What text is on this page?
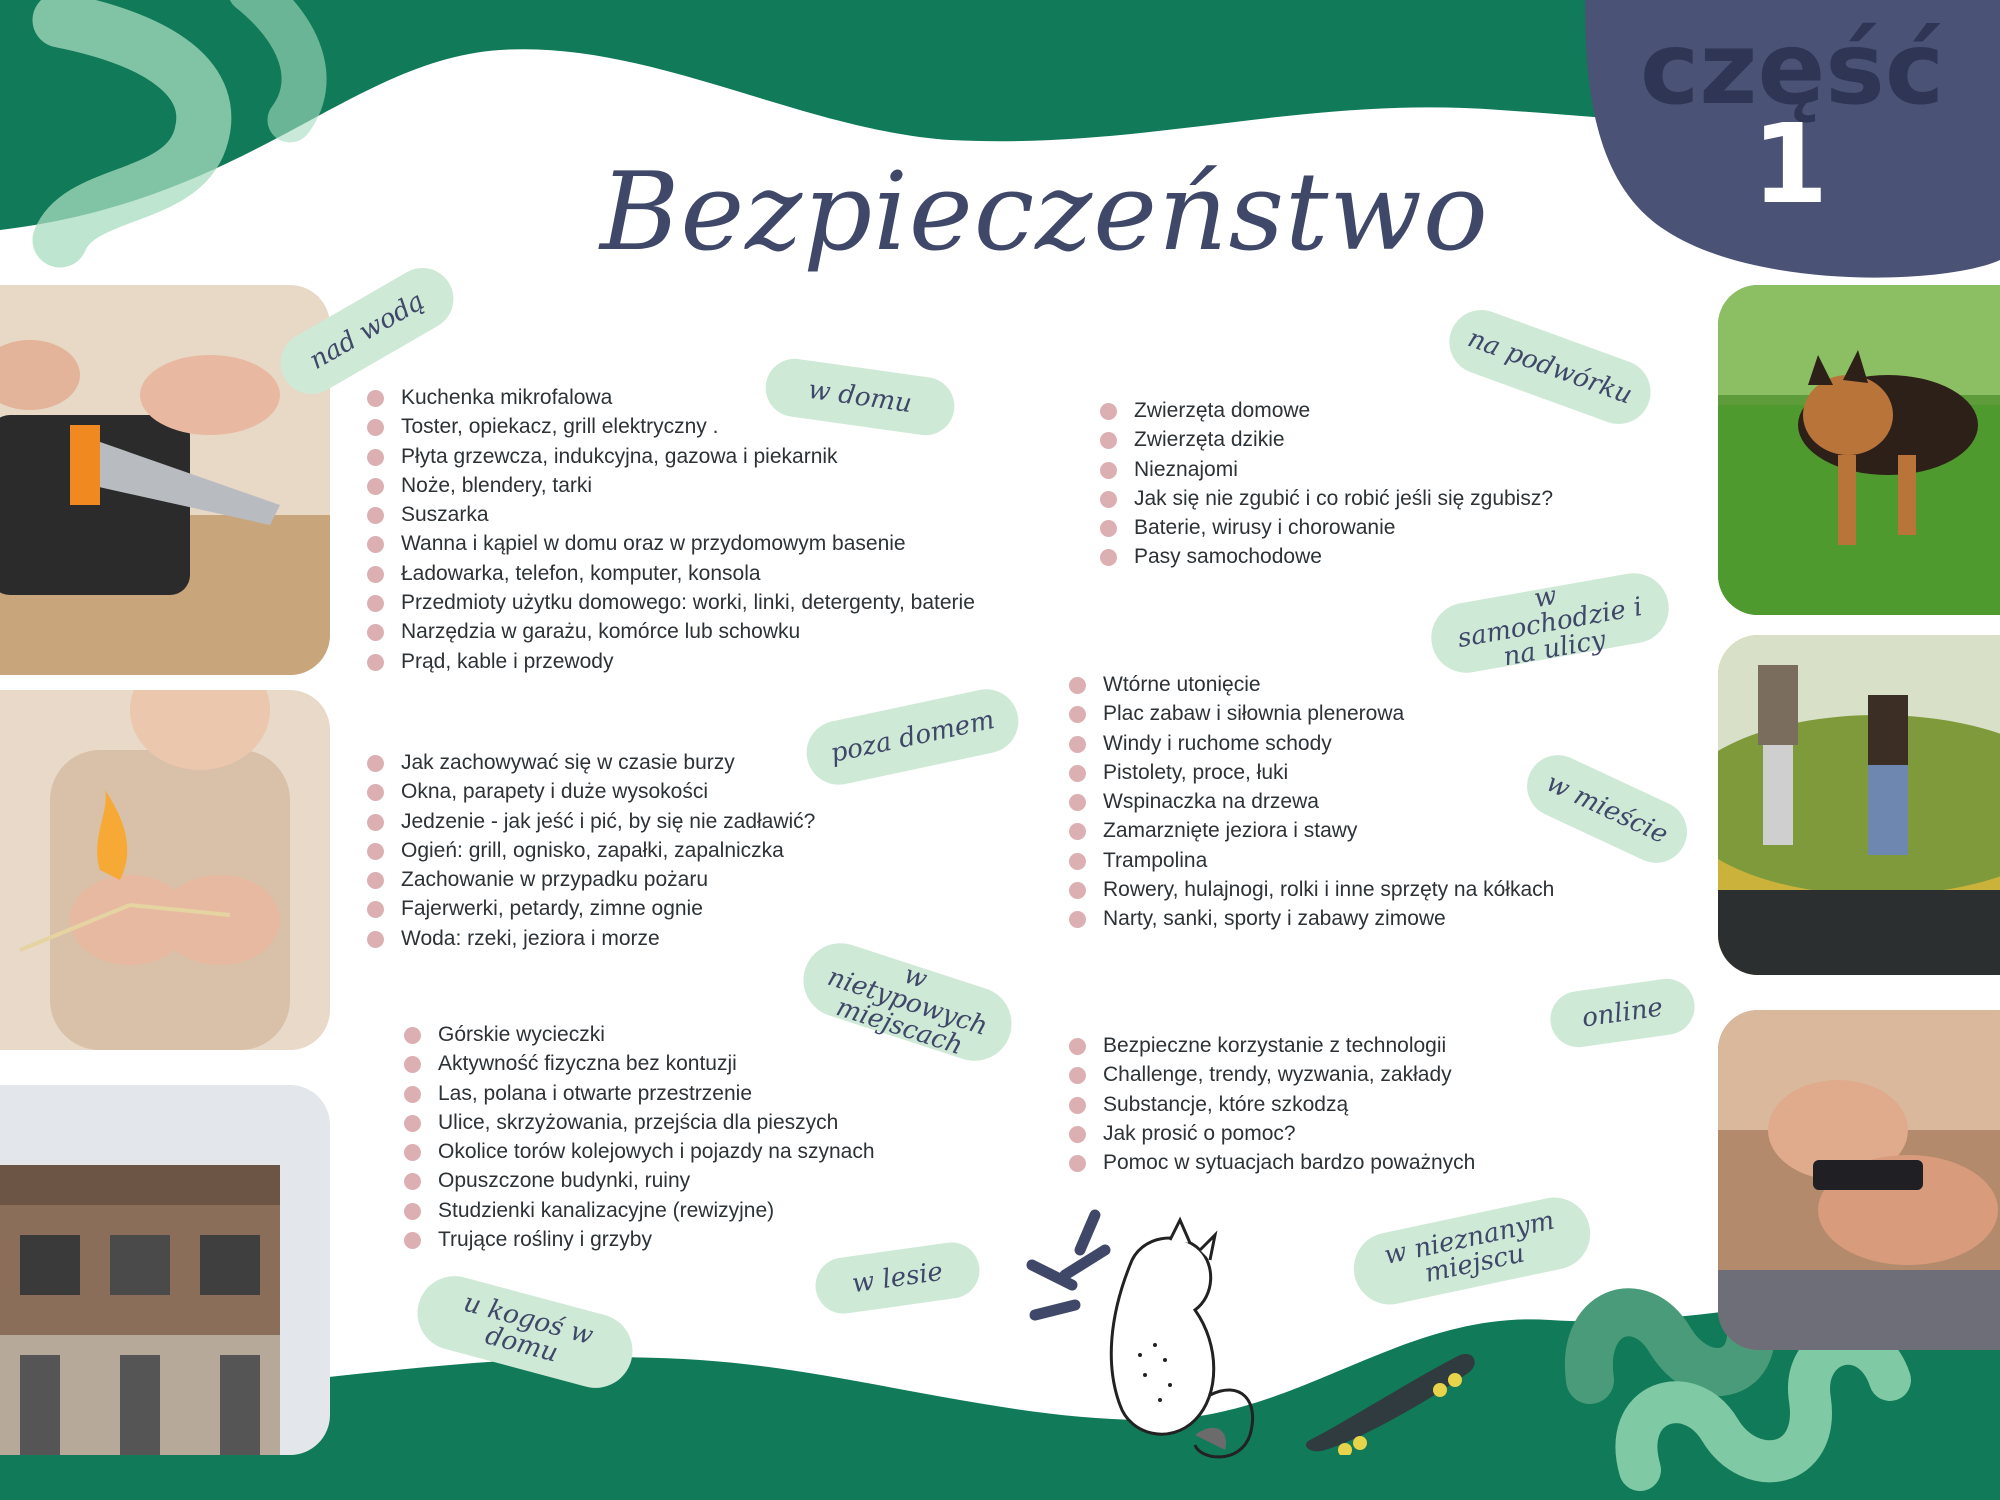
część
1
Bezpieczeństwo
nad wodą
w domu	na podwórku
w samochodzie i na ulicy
poza domem
w mieście
w nietypowych miejscach	online
w lesie
w nieznanym miejscu
u kogoś w domu
Kuchenka mikrofalowa
Toster, opiekacz, grill elektryczny .
Płyta grzewcza, indukcyjna, gazowa i piekarnik
Noże, blendery, tarki
Suszarka
Wanna i kąpiel w domu oraz w przydomowym basenie
Ładowarka, telefon, komputer, konsola
Przedmioty użytku domowego: worki, linki, detergenty, baterie
Narzędzia w garażu, komórce lub schowku
Prąd, kable i przewody
Zwierzęta domowe
Zwierzęta dzikie
Nieznajomi
Jak się nie zgubić i co robić jeśli się zgubisz?
Baterie, wirusy i chorowanie
Pasy samochodowe
Jak zachowywać się w czasie burzy
Okna, parapety i duże wysokości
Jedzenie - jak jeść i pić, by się nie zadławić?
Ogień: grill, ognisko, zapałki, zapalniczka
Zachowanie w przypadku pożaru
Fajerwerki, petardy, zimne ognie
Woda: rzeki, jeziora i morze
Wtórne utonięcie
Plac zabaw i siłownia plenerowa
Windy i ruchome schody
Pistolety, proce, łuki
Wspinaczka na drzewa
Zamarznięte jeziora i stawy
Trampolina
Rowery, hulajnogi, rolki i inne sprzęty na kółkach
Narty, sanki, sporty i zabawy zimowe
Górskie wycieczki
Aktywność fizyczna bez kontuzji
Las, polana i otwarte przestrzenie
Ulice, skrzyżowania, przejścia dla pieszych
Okolice torów kolejowych i pojazdy na szynach
Opuszczone budynki, ruiny
Studzienki kanalizacyjne (rewizyjne)
Trujące rośliny i grzyby
Bezpieczne korzystanie z technologii
Challenge, trendy, wyzwania, zakłady
Substancje, które szkodzą
Jak prosić o pomoc?
Pomoc w sytuacjach bardzo poważnych
